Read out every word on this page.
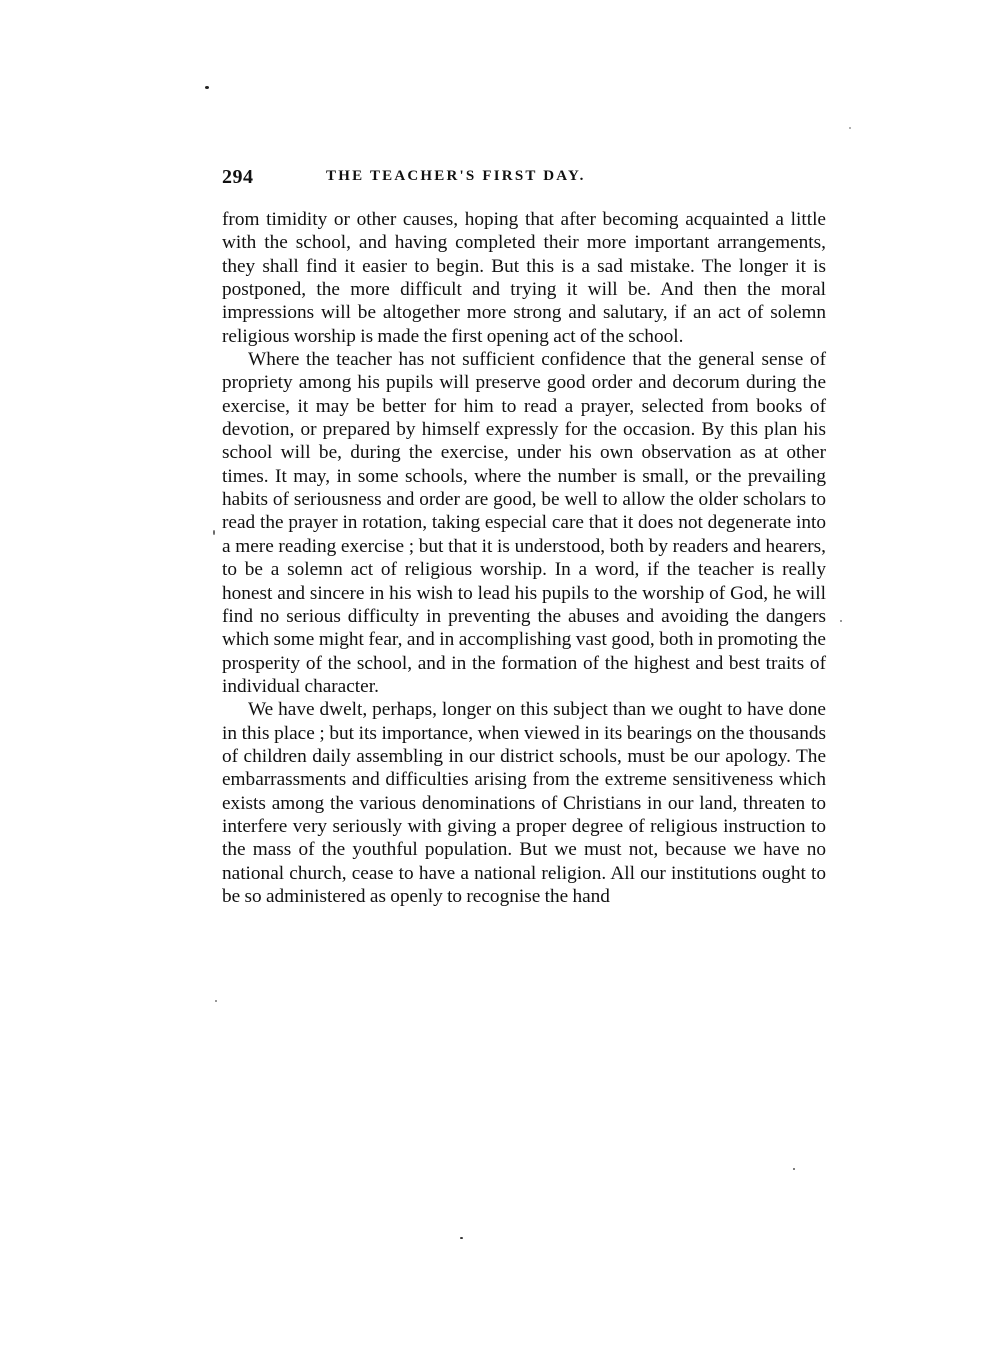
294	THE TEACHER'S FIRST DAY.

from timidity or other causes, hoping that after becoming acquainted a little with the school, and having completed their more important arrangements, they shall find it easier to begin. But this is a sad mistake. The longer it is postponed, the more difficult and trying it will be. And then the moral impressions will be altogether more strong and salutary, if an act of solemn religious worship is made the first opening act of the school.

Where the teacher has not sufficient confidence that the general sense of propriety among his pupils will preserve good order and decorum during the exercise, it may be better for him to read a prayer, selected from books of devotion, or prepared by himself expressly for the occasion. By this plan his school will be, during the exercise, under his own observation as at other times. It may, in some schools, where the number is small, or the prevailing habits of seriousness and order are good, be well to allow the older scholars to read the prayer in rotation, taking especial care that it does not degenerate into a mere reading exercise ; but that it is understood, both by readers and hearers, to be a solemn act of religious worship. In a word, if the teacher is really honest and sincere in his wish to lead his pupils to the worship of God, he will find no serious difficulty in preventing the abuses and avoiding the dangers which some might fear, and in accomplishing vast good, both in promoting the prosperity of the school, and in the formation of the highest and best traits of individual character.

We have dwelt, perhaps, longer on this subject than we ought to have done in this place ; but its importance, when viewed in its bearings on the thousands of children daily assembling in our district schools, must be our apology. The embarrassments and difficulties arising from the extreme sensitiveness which exists among the various denominations of Christians in our land, threaten to interfere very seriously with giving a proper degree of religious instruction to the mass of the youthful population. But we must not, because we have no national church, cease to have a national religion. All our institutions ought to be so administered as openly to recognise the hand
